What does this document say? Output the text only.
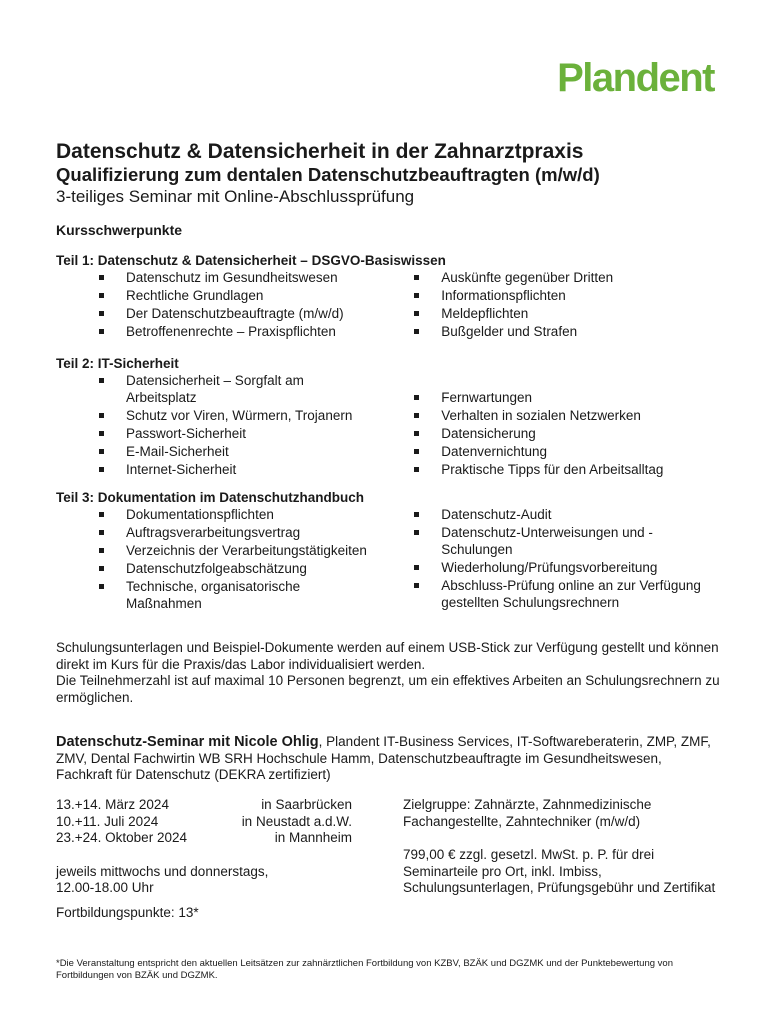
Plandent
Datenschutz & Datensicherheit in der Zahnarztpraxis
Qualifizierung zum dentalen Datenschutzbeauftragten (m/w/d)
3-teiliges Seminar mit Online-Abschlussprüfung
Kursschwerpunkte
Teil 1: Datenschutz & Datensicherheit – DSGVO-Basiswissen
Datenschutz im Gesundheitswesen
Rechtliche Grundlagen
Der Datenschutzbeauftragte (m/w/d)
Betroffenenrechte – Praxispflichten
Auskünfte gegenüber Dritten
Informationspflichten
Meldepflichten
Bußgelder und Strafen
Teil 2: IT-Sicherheit
Datensicherheit – Sorgfalt am Arbeitsplatz
Schutz vor Viren, Würmern, Trojanern
Passwort-Sicherheit
E-Mail-Sicherheit
Internet-Sicherheit
Fernwartungen
Verhalten in sozialen Netzwerken
Datensicherung
Datenvernichtung
Praktische Tipps für den Arbeitsalltag
Teil 3: Dokumentation im Datenschutzhandbuch
Dokumentationspflichten
Auftragsverarbeitungsvertrag
Verzeichnis der Verarbeitungstätigkeiten
Datenschutzfolgeabschätzung
Technische, organisatorische Maßnahmen
Datenschutz-Audit
Datenschutz-Unterweisungen und -Schulungen
Wiederholung/Prüfungsvorbereitung
Abschluss-Prüfung online an zur Verfügung gestellten Schulungsrechnern
Schulungsunterlagen und Beispiel-Dokumente werden auf einem USB-Stick zur Verfügung gestellt und können direkt im Kurs für die Praxis/das Labor individualisiert werden.
Die Teilnehmerzahl ist auf maximal 10 Personen begrenzt, um ein effektives Arbeiten an Schulungsrechnern zu ermöglichen.
Datenschutz-Seminar mit Nicole Ohlig, Plandent IT-Business Services, IT-Softwareberaterin, ZMP, ZMF, ZMV, Dental Fachwirtin WB SRH Hochschule Hamm, Datenschutzbeauftragte im Gesundheitswesen, Fachkraft für Datenschutz (DEKRA zertifiziert)
13.+14. März 2024	in Saarbrücken
10.+11. Juli 2024	in Neustadt a.d.W.
23.+24. Oktober 2024	in Mannheim
jeweils mittwochs und donnerstags,
12.00-18.00 Uhr
Zielgruppe: Zahnärzte, Zahnmedizinische Fachangestellte, Zahntechniker (m/w/d)
799,00 € zzgl. gesetzl. MwSt. p. P. für drei Seminarteile pro Ort, inkl. Imbiss, Schulungsunterlagen, Prüfungsgebühr und Zertifikat
Fortbildungspunkte: 13*
*Die Veranstaltung entspricht den aktuellen Leitsätzen zur zahnärztlichen Fortbildung von KZBV, BZÄK und DGZMK und der Punktebewertung von Fortbildungen von BZÄK und DGZMK.
